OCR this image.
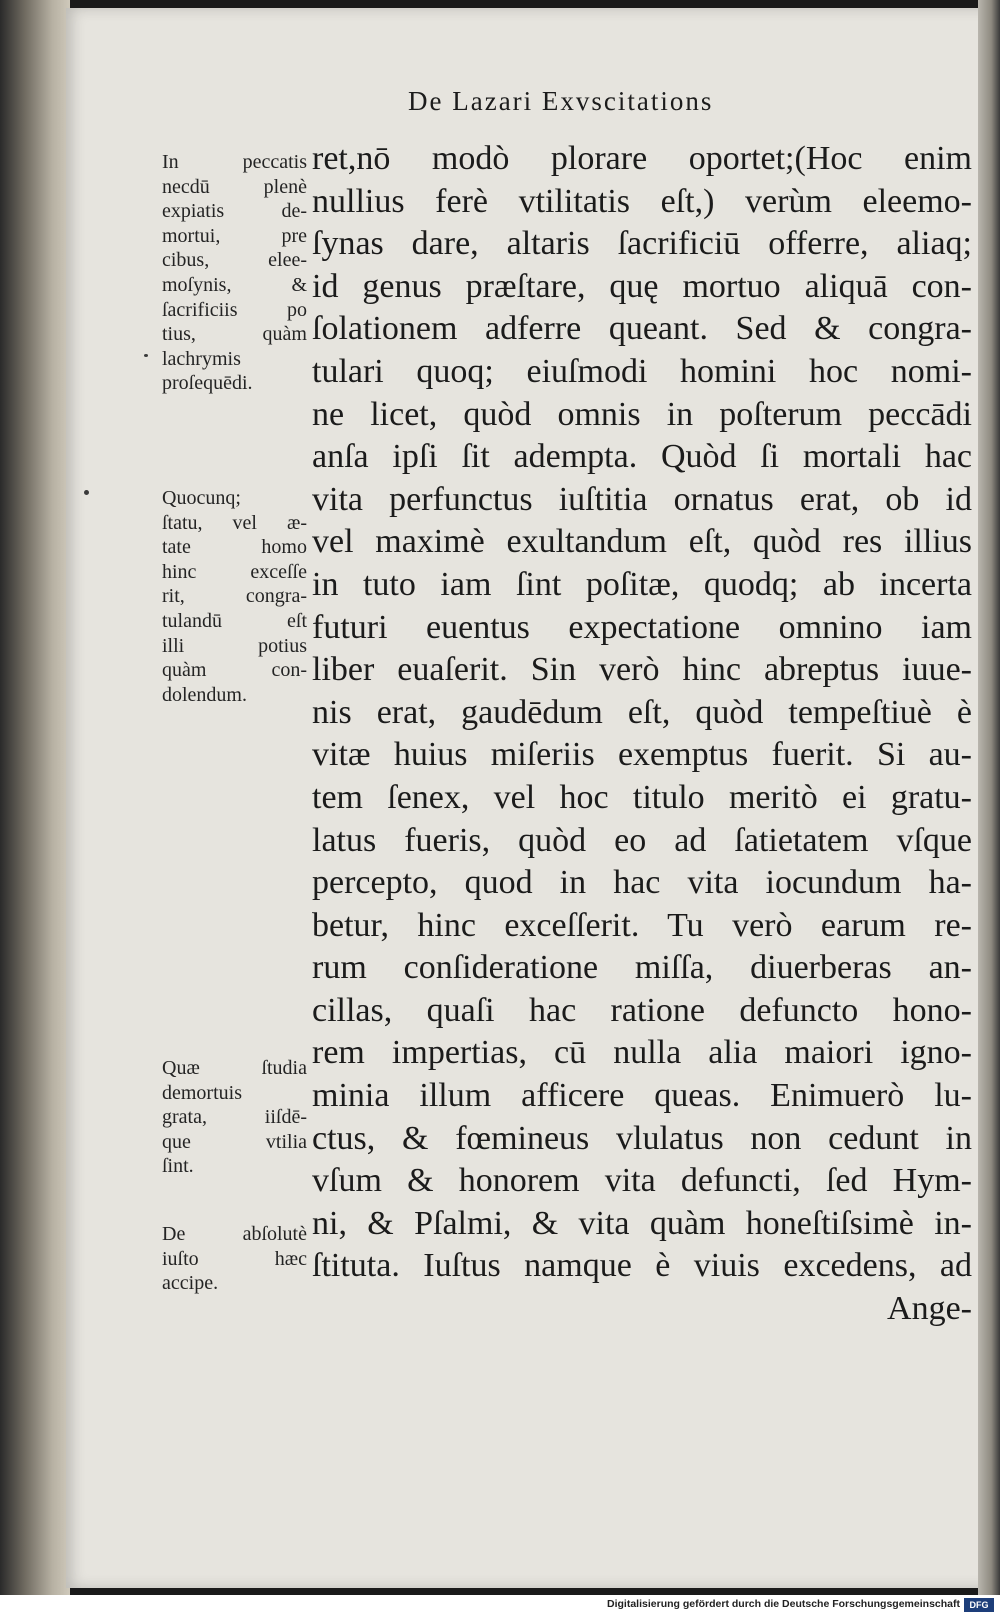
De Lazari Exvscitations
ret,nō modò plorare oportet;(Hoc enim
nullius ferè vtilitatis eſt,) verùm eleemo-
ſynas dare, altaris ſacrificiū offerre, aliaq;
id genus præſtare, quę mortuo aliquā con-
ſolationem adferre queant. Sed & congra-
tulari quoq; eiuſmodi homini hoc nomi-
ne licet, quòd omnis in poſterum peccādi
anſa ipſi ſit adempta. Quòd ſi mortali hac
vita perfunctus iuſtitia ornatus erat, ob id
vel maximè exultandum eſt, quòd res illius
in tuto iam ſint poſitæ, quodq; ab incerta
futuri euentus expectatione omnino iam
liber euaſerit. Sin verò hinc abreptus iuue-
nis erat, gaudēdum eſt, quòd tempeſtiuè è
vitæ huius miſeriis exemptus fuerit. Si au-
tem ſenex, vel hoc titulo meritò ei gratu-
latus fueris, quòd eo ad ſatietatem vſque
percepto, quod in hac vita iocundum ha-
betur, hinc exceſſerit. Tu verò earum re-
rum conſideratione miſſa, diuerberas an-
cillas, quaſi hac ratione defuncto hono-
rem impertias, cū nulla alia maiori igno-
minia illum afficere queas. Enimuerò lu-
ctus, & fœmineus vlulatus non cedunt in
vſum & honorem vita defuncti, ſed Hym-
ni, & Pſalmi, & vita quàm honeſtiſsimè in-
ſtituta. Iuſtus namque è viuis excedens, ad
Ange-
In peccatis
necdū plenè
expiatis de-
mortui, pre
cibus, elee-
moſynis, &
ſacrificiis po
tius, quàm
lachrymis
proſequēdi.
Quocunq;
ſtatu, vel æ-
tate homo
hinc exceſſe
rit, congra-
tulandū eſt
illi potius
quàm con-
dolendum.
Quæ ſtudia
demortuis
grata, iiſdē-
que vtilia
ſint.
De abſolutè
iuſto hæc
accipe.
Digitalisierung gefördert durch die Deutsche Forschungsgemeinschaft	DFG
